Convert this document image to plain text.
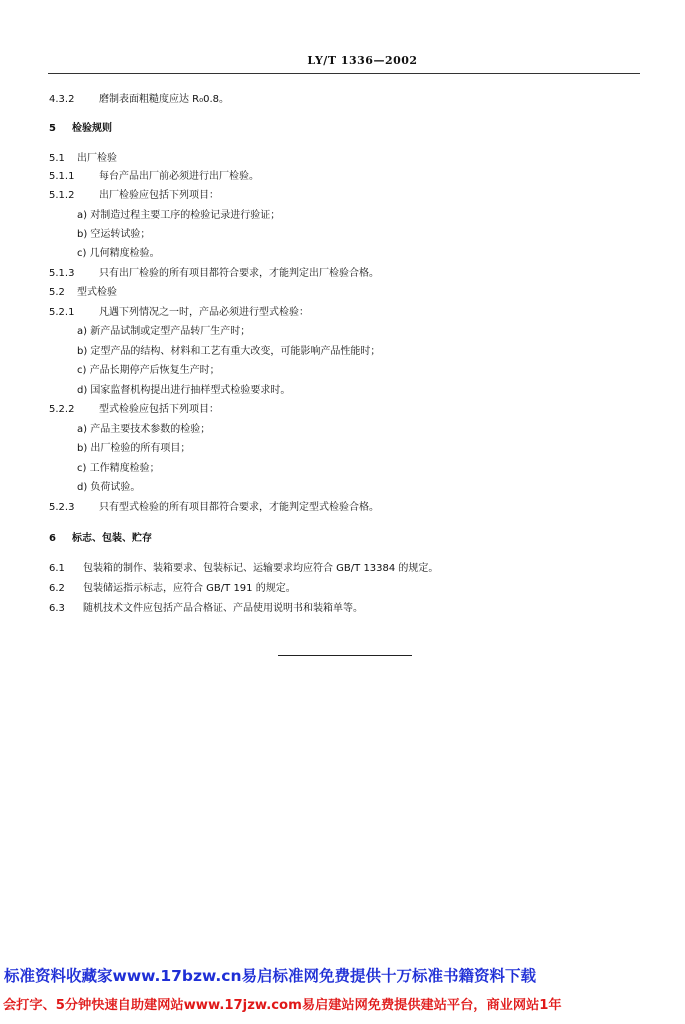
LY/T 1336—2002
4.3.2 磨制表面粗糙度应达 R₀0.8。
5 检验规则
5.1 出厂检验
5.1.1 每台产品出厂前必须进行出厂检验。
5.1.2 出厂检验应包括下列项目：
a) 对制造过程主要工序的检验记录进行验证；
b) 空运转试验；
c) 几何精度检验。
5.1.3 只有出厂检验的所有项目都符合要求，才能判定出厂检验合格。
5.2 型式检验
5.2.1 凡遇下列情况之一时，产品必须进行型式检验：
a) 新产品试制或定型产品转厂生产时；
b) 定型产品的结构、材料和工艺有重大改变，可能影响产品性能时；
c) 产品长期停产后恢复生产时；
d) 国家监督机构提出进行抽样型式检验要求时。
5.2.2 型式检验应包括下列项目：
a) 产品主要技术参数的检验；
b) 出厂检验的所有项目；
c) 工作精度检验；
d) 负荷试验。
5.2.3 只有型式检验的所有项目都符合要求，才能判定型式检验合格。
6 标志、包装、贮存
6.1 包装箱的制作、装箱要求、包装标记、运输要求均应符合 GB/T 13384 的规定。
6.2 包装储运指示标志，应符合 GB/T 191 的规定。
6.3 随机技术文件应包括产品合格证、产品使用说明书和装箱单等。
标准资料收藏家www.17bzw.cn易启标准网免费提供十万标准书籍资料下载
会打字、5分钟快速自助建网站www.17jzw.com易启建站网免费提供建站平台，商业网站1年
